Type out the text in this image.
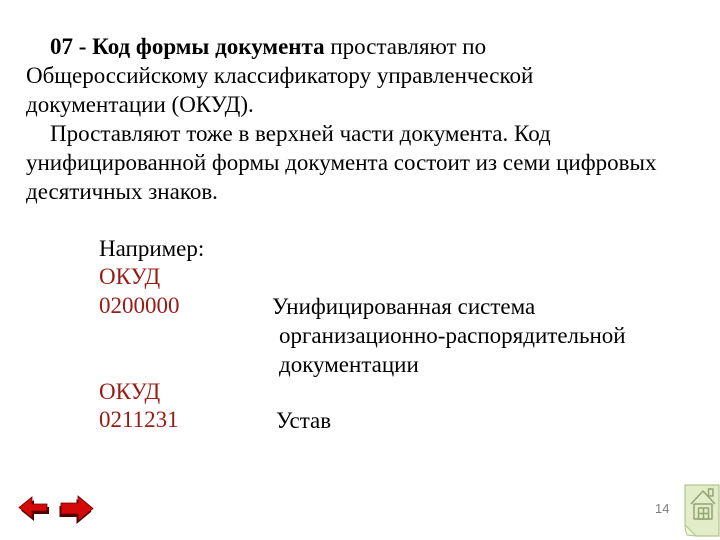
07 - Код формы документа проставляют по
Общероссийскому классификатору управленческой
документации (ОКУД).
Проставляют тоже в верхней части документа. Код
унифицированной формы документа состоит из семи цифровых
десятичных знаков.
Например:
ОКУД
0200000	Унифицированная система
организационно-распорядительной
документации
ОКУД
0211231	Устав
14
